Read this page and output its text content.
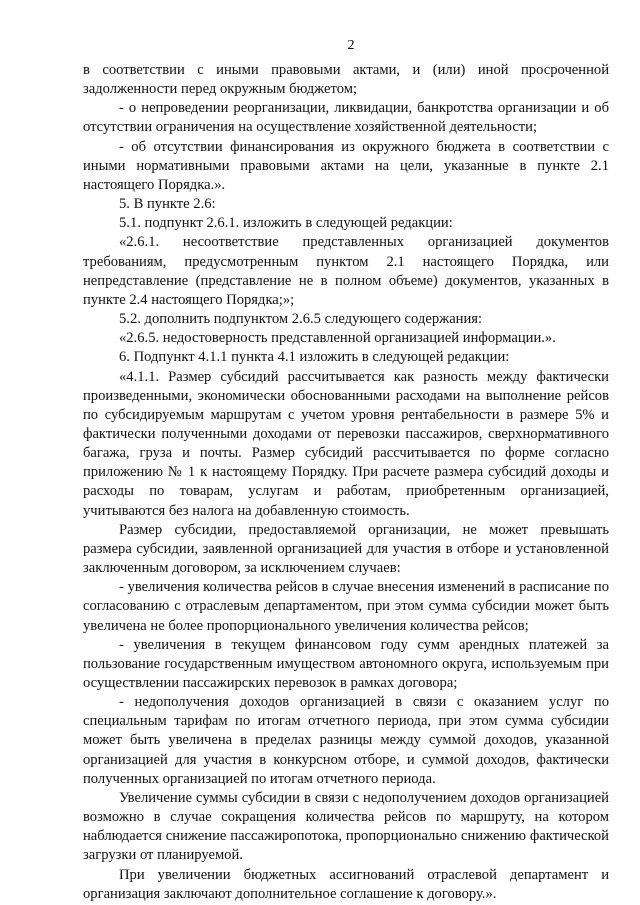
2

в соответствии с иными правовыми актами, и (или) иной просроченной задолженности перед окружным бюджетом;

- о непроведении реорганизации, ликвидации, банкротства организации и об отсутствии ограничения на осуществление хозяйственной деятельности;

- об отсутствии финансирования из окружного бюджета в соответствии с иными нормативными правовыми актами на цели, указанные в пункте 2.1 настоящего Порядка.».

5. В пункте 2.6:

5.1. подпункт 2.6.1. изложить в следующей редакции:

«2.6.1. несоответствие представленных организацией документов требованиям, предусмотренным пунктом 2.1 настоящего Порядка, или непредставление (представление не в полном объеме) документов, указанных в пункте 2.4 настоящего Порядка;»;

5.2. дополнить подпунктом 2.6.5 следующего содержания:

«2.6.5. недостоверность представленной организацией информации.».

6. Подпункт 4.1.1 пункта 4.1 изложить в следующей редакции:

«4.1.1. Размер субсидий рассчитывается как разность между фактически произведенными, экономически обоснованными расходами на выполнение рейсов по субсидируемым маршрутам с учетом уровня рентабельности в размере 5% и фактически полученными доходами от перевозки пассажиров, сверхнормативного багажа, груза и почты. Размер субсидий рассчитывается по форме согласно приложению № 1 к настоящему Порядку. При расчете размера субсидий доходы и расходы по товарам, услугам и работам, приобретенным организацией, учитываются без налога на добавленную стоимость.

Размер субсидии, предоставляемой организации, не может превышать размера субсидии, заявленной организацией для участия в отборе и установленной заключенным договором, за исключением случаев:

- увеличения количества рейсов в случае внесения изменений в расписание по согласованию с отраслевым департаментом, при этом сумма субсидии может быть увеличена не более пропорционального увеличения количества рейсов;

- увеличения в текущем финансовом году сумм арендных платежей за пользование государственным имуществом автономного округа, используемым при осуществлении пассажирских перевозок в рамках договора;

- недополучения доходов организацией в связи с оказанием услуг по специальным тарифам по итогам отчетного периода, при этом сумма субсидии может быть увеличена в пределах разницы между суммой доходов, указанной организацией для участия в конкурсном отборе, и суммой доходов, фактически полученных организацией по итогам отчетного периода.

Увеличение суммы субсидии в связи с недополучением доходов организацией возможно в случае сокращения количества рейсов по маршруту, на котором наблюдается снижение пассажиропотока, пропорционально снижению фактической загрузки от планируемой.

При увеличении бюджетных ассигнований отраслевой департамент и организация заключают дополнительное соглашение к договору.».
